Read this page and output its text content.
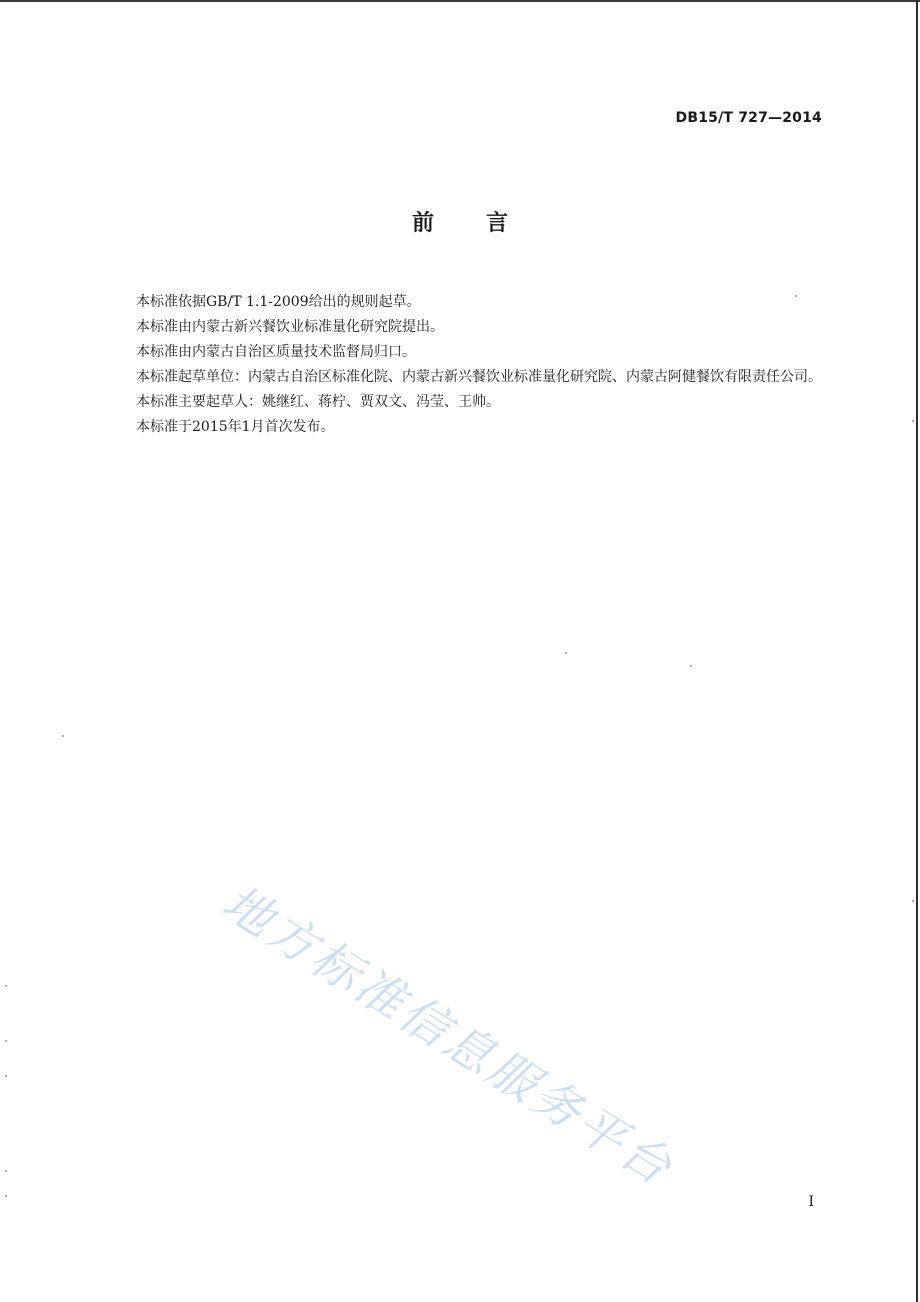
DB15/T 727—2014
前言

本标准依据GB/T 1.1-2009给出的规则起草。

本标准由内蒙古新兴餐饮业标准量化研究院提出。

本标准由内蒙古自治区质量技术监督局归口。

本标准起草单位：内蒙古自治区标准化院、内蒙古新兴餐饮业标准量化研究院、内蒙古阿健餐饮有限责任公司。

本标准主要起草人：姚继红、蒋柠、贾双文、冯莹、王帅。

本标准于2015年1月首次发布。

地方标准信息服务平台
I
